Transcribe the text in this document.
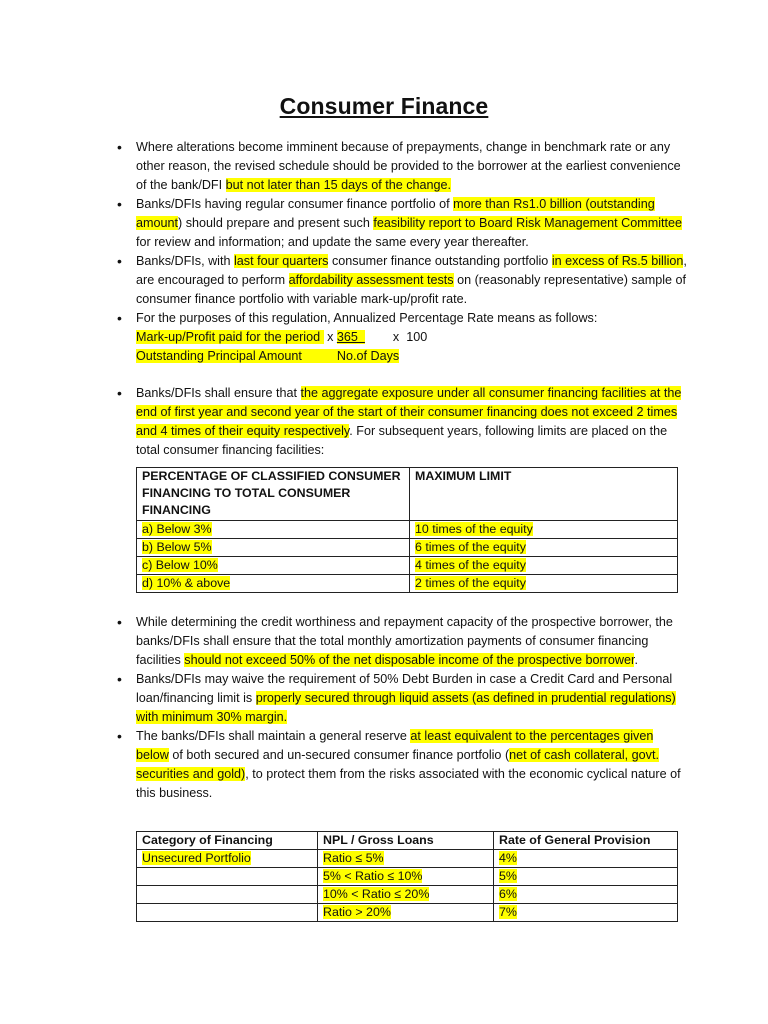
Consumer Finance
• Where alterations become imminent because of prepayments, change in benchmark rate or any other reason, the revised schedule should be provided to the borrower at the earliest convenience of the bank/DFI but not later than 15 days of the change.
• Banks/DFIs having regular consumer finance portfolio of more than Rs1.0 billion (outstanding amount) should prepare and present such feasibility report to Board Risk Management Committee for review and information; and update the same every year thereafter.
• Banks/DFIs, with last four quarters consumer finance outstanding portfolio in excess of Rs.5 billion, are encouraged to perform affordability assessment tests on (reasonably representative) sample of consumer finance portfolio with variable mark-up/profit rate.
• For the purposes of this regulation, Annualized Percentage Rate means as follows:
Mark-up/Profit paid for the period  x 365          x  100
Outstanding Principal Amount          No.of Days
• Banks/DFIs shall ensure that the aggregate exposure under all consumer financing facilities at the end of first year and second year of the start of their consumer financing does not exceed 2 times and 4 times of their equity respectively. For subsequent years, following limits are placed on the total consumer financing facilities:
PERCENTAGE OF CLASSIFIED CONSUMER FINANCING TO TOTAL CONSUMER FINANCING	MAXIMUM LIMIT
a) Below 3%	10 times of the equity
b) Below 5%	6 times of the equity
c) Below 10%	4 times of the equity
d) 10% & above	2 times of the equity
• While determining the credit worthiness and repayment capacity of the prospective borrower, the banks/DFIs shall ensure that the total monthly amortization payments of consumer financing facilities should not exceed 50% of the net disposable income of the prospective borrower.
• Banks/DFIs may waive the requirement of 50% Debt Burden in case a Credit Card and Personal loan/financing limit is properly secured through liquid assets (as defined in prudential regulations) with minimum 30% margin.
• The banks/DFIs shall maintain a general reserve at least equivalent to the percentages given below of both secured and un-secured consumer finance portfolio (net of cash collateral, govt. securities and gold), to protect them from the risks associated with the economic cyclical nature of this business.
Category of Financing	NPL / Gross Loans	Rate of General Provision
Unsecured Portfolio	Ratio ≤ 5%	4%
	5% < Ratio ≤ 10%	5%
	10% < Ratio ≤ 20%	6%
	Ratio > 20%	7%
